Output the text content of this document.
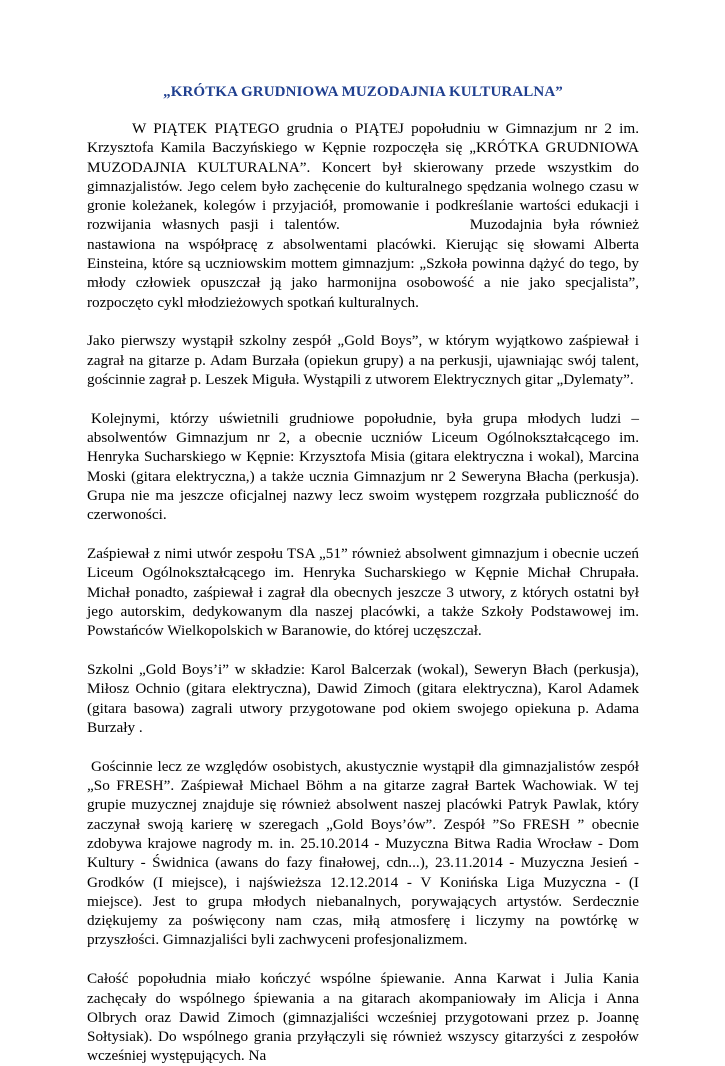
„KRÓTKA GRUDNIOWA MUZODAJNIA KULTURALNA”

W PIĄTEK PIĄTEGO grudnia o PIĄTEJ popołudniu w Gimnazjum nr 2 im. Krzysztofa Kamila Baczyńskiego w Kępnie rozpoczęła się „KRÓTKA GRUDNIOWA MUZODAJNIA KULTURALNA”. Koncert był skierowany przede wszystkim do gimnazjalistów. Jego celem było zachęcenie do kulturalnego spędzania wolnego czasu w gronie koleżanek, kolegów i przyjaciół, promowanie i podkreślanie wartości edukacji i rozwijania własnych pasji i talentów.	Muzodajnia była również nastawiona na współpracę z absolwentami placówki. Kierując się słowami Alberta Einsteina, które są uczniowskim mottem gimnazjum: „Szkoła powinna dążyć do tego, by młody człowiek opuszczał ją jako harmonijna osobowość a nie jako specjalista”, rozpoczęto cykl młodzieżowych spotkań kulturalnych.

Jako pierwszy wystąpił szkolny zespół „Gold Boys”, w którym wyjątkowo zaśpiewał i zagrał na gitarze p. Adam Burzała (opiekun grupy) a na perkusji, ujawniając swój talent, gościnnie zagrał p. Leszek Miguła. Wystąpili z utworem Elektrycznych gitar „Dylematy”.

Kolejnymi, którzy uświetnili grudniowe popołudnie, była grupa młodych ludzi – absolwentów Gimnazjum nr 2, a obecnie uczniów Liceum Ogólnokształcącego im. Henryka Sucharskiego w Kępnie: Krzysztofa Misia (gitara elektryczna i wokal), Marcina Moski (gitara elektryczna,) a także ucznia Gimnazjum nr 2 Seweryna Błacha (perkusja). Grupa nie ma jeszcze oficjalnej nazwy lecz swoim występem rozgrzała publiczność do czerwoności.

Zaśpiewał z nimi utwór zespołu TSA „51” również absolwent gimnazjum i obecnie uczeń Liceum Ogólnokształcącego im. Henryka Sucharskiego w Kępnie Michał Chrupała. Michał ponadto, zaśpiewał i zagrał dla obecnych jeszcze 3 utwory, z których ostatni był jego autorskim, dedykowanym dla naszej placówki, a także Szkoły Podstawowej im. Powstańców Wielkopolskich w Baranowie, do której uczęszczał.

Szkolni „Gold Boys’i” w składzie: Karol Balcerzak (wokal), Seweryn Błach (perkusja), Miłosz Ochnio (gitara elektryczna), Dawid Zimoch (gitara elektryczna), Karol Adamek (gitara basowa) zagrali utwory przygotowane pod okiem swojego opiekuna p. Adama Burzały .

Gościnnie lecz ze względów osobistych, akustycznie wystąpił dla gimnazjalistów zespół „So FRESH”. Zaśpiewał Michael Böhm a na gitarze zagrał Bartek Wachowiak. W tej grupie muzycznej znajduje się również absolwent naszej placówki Patryk Pawlak, który zaczynał swoją karierę w szeregach „Gold Boys’ów”. Zespół ”So FRESH ” obecnie zdobywa krajowe nagrody m. in. 25.10.2014 - Muzyczna Bitwa Radia Wrocław - Dom Kultury - Świdnica (awans do fazy finałowej, cdn...), 23.11.2014 - Muzyczna Jesień - Grodków (I miejsce), i najświeższa 12.12.2014 - V Konińska Liga Muzyczna - (I miejsce). Jest to grupa młodych niebanalnych, porywających artystów. Serdecznie dziękujemy za poświęcony nam czas, miłą atmosferę i liczymy na powtórkę w przyszłości. Gimnazjaliści byli zachwyceni profesjonalizmem.

Całość popołudnia miało kończyć wspólne śpiewanie. Anna Karwat i Julia Kania zachęcały do wspólnego śpiewania a na gitarach akompaniowały im Alicja i Anna Olbrych oraz Dawid Zimoch (gimnazjaliści wcześniej przygotowani przez p. Joannę Sołtysiak). Do wspólnego grania przyłączyli się również wszyscy gitarzyści z zespołów wcześniej występujących. Na
